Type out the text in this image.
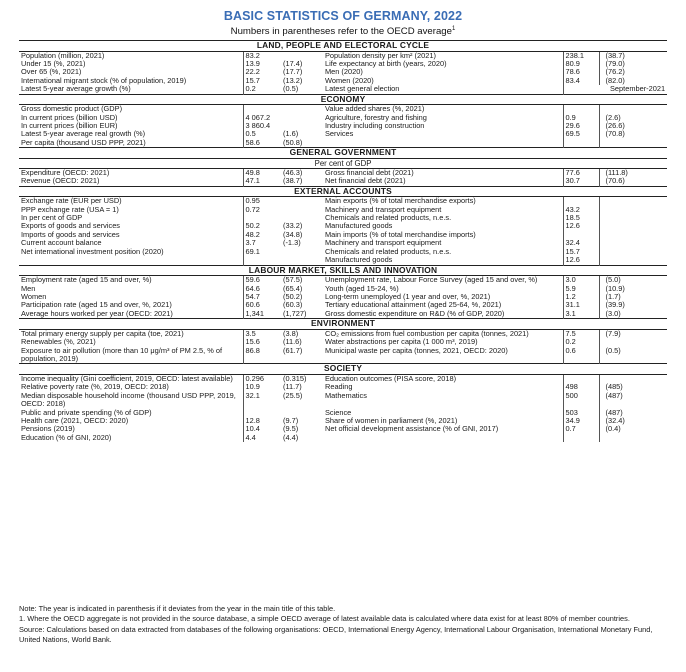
BASIC STATISTICS OF GERMANY, 2022
Numbers in parentheses refer to the OECD average$^1$
LAND, PEOPLE AND ELECTORAL CYCLE					
Population (million, 2021)	83.2		Population density per km² (2021)	238.1	(38.7)
Under 15 (%, 2021)	13.9	(17.4)	Life expectancy at birth (years, 2020)	80.9	(79.0)
Over 65 (%, 2021)	22.2	(17.7)	Men (2020)	78.6	(76.2)
International migrant stock (% of population, 2019)	15.7	(13.2)	Women (2020)	83.4	(82.0)
Latest 5-year average growth (%)	0.2	(0.5)	Latest general election	September-2021	
ECONOMY					
Gross domestic product (GDP)			Value added shares (%, 2021)		
In current prices (billion USD)	4 067.2		Agriculture, forestry and fishing	0.9	(2.6)
In current prices (billion EUR)	3 860.4		Industry including construction	29.6	(26.6)
Latest 5-year average real growth (%)	0.5	(1.6)	Services	69.5	(70.8)
Per capita (thousand USD PPP, 2021)	58.6	(50.8)			
GENERAL GOVERNMENT					
Per cent of GDP					
Expenditure (OECD: 2021)	49.8	(46.3)	Gross financial debt (2021)	77.6	(111.8)
Revenue (OECD: 2021)	47.1	(38.7)	Net financial debt (2021)	30.7	(70.6)
EXTERNAL ACCOUNTS					
Exchange rate (EUR per USD)	0.95		Main exports (% of total merchandise exports)		
PPP exchange rate (USA = 1)	0.72		Machinery and transport equipment	43.2	
In per cent of GDP			Chemicals and related products, n.e.s.	18.5	
Exports of goods and services	50.2	(33.2)	Manufactured goods	12.6	
Imports of goods and services	48.2	(34.8)	Main imports (% of total merchandise imports)		
Current account balance	3.7	(-1.3)	Machinery and transport equipment	32.4	
Net international investment position (2020)	69.1		Chemicals and related products, n.e.s.	15.7	
			Manufactured goods	12.6	
LABOUR MARKET, SKILLS AND INNOVATION					
Employment rate (aged 15 and over, %)	59.6	(57.5)	Unemployment rate, Labour Force Survey (aged 15 and over, %)	3.0	(5.0)
Men	64.6	(65.4)	Youth (aged 15-24, %)	5.9	(10.9)
Women	54.7	(50.2)	Long-term unemployed (1 year and over, %, 2021)	1.2	(1.7)
Participation rate (aged 15 and over, %, 2021)	60.6	(60.3)	Tertiary educational attainment (aged 25-64, %, 2021)	31.1	(39.9)
Average hours worked per year (OECD: 2021)	1,341	(1,727)	Gross domestic expenditure on R&D (% of GDP, 2020)	3.1	(3.0)
ENVIRONMENT					
Total primary energy supply per capita (toe, 2021)	3.5	(3.8)	CO₂ emissions from fuel combustion per capita (tonnes, 2021)	7.5	(7.9)
Renewables (%, 2021)	15.6	(11.6)	Water abstractions per capita (1 000 m³, 2019)	0.2	
Exposure to air pollution (more than 10 μg/m³ of PM 2.5, % of population, 2019)	86.8	(61.7)	Municipal waste per capita (tonnes, 2021, OECD: 2020)	0.6	(0.5)
SOCIETY					
Income inequality (Gini coefficient, 2019, OECD: latest available)	0.296	(0.315)	Education outcomes (PISA score, 2018)		
Relative poverty rate (%, 2019, OECD: 2018)	10.9	(11.7)	Reading	498	(485)
Median disposable household income (thousand USD PPP, 2019, OECD: 2018)	32.1	(25.5)	Mathematics	500	(487)
Public and private spending (% of GDP)			Science	503	(487)
Health care (2021, OECD: 2020)	12.8	(9.7)	Share of women in parliament (%, 2021)	34.9	(32.4)
Pensions (2019)	10.4	(9.5)	Net official development assistance (% of GNI, 2017)	0.7	(0.4)
Education (% of GNI, 2020)	4.4	(4.4)			
Note: The year is indicated in parenthesis if it deviates from the year in the main title of this table.
1. Where the OECD aggregate is not provided in the source database, a simple OECD average of latest available data is calculated where data exist for at least 80% of member countries.
Source: Calculations based on data extracted from databases of the following organisations: OECD, International Energy Agency, International Labour Organisation, International Monetary Fund, United Nations, World Bank.
